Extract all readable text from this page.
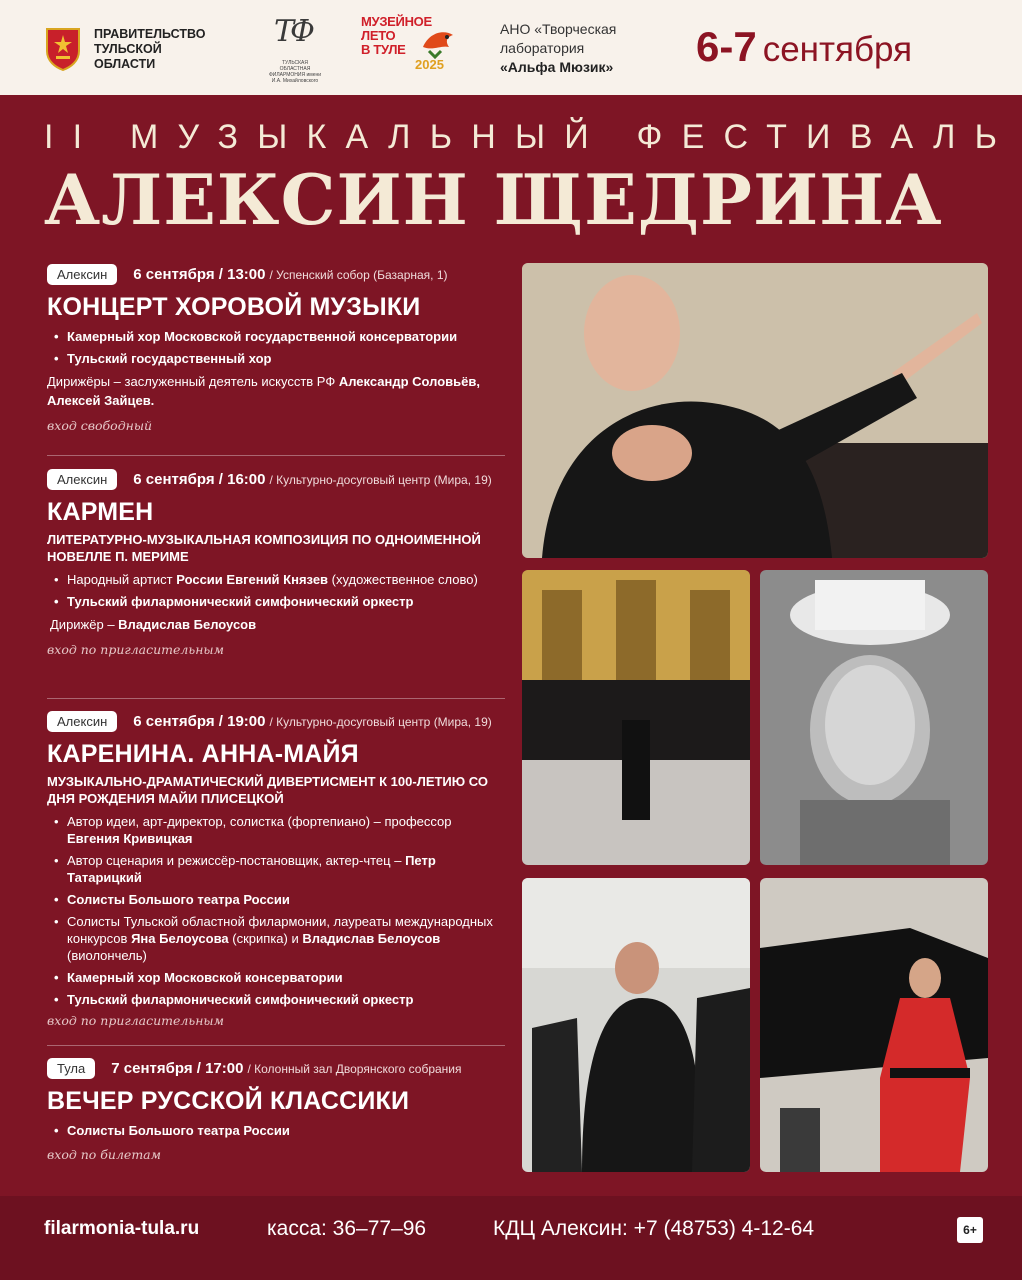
ПРАВИТЕЛЬСТВО
ТУЛЬСКОЙ
ОБЛАСТИ
ТФ
ТУЛЬСКАЯ ОБЛАСТНАЯ ФИЛАРМОНИЯ имени И.А. Михайловского
МУЗЕЙНОЕ
ЛЕТО
В ТУЛЕ
2025
АНО «Творческая
лаборатория
«Альфа Мюзик» 6-7 сентября
II МУЗЫКАЛЬНЫЙ ФЕСТИВАЛЬ
АЛЕКСИН ЩЕДРИНА
Алексин 6 сентября / 13:00 / Успенский собор (Базарная, 1)
КОНЦЕРТ ХОРОВОЙ МУЗЫКИ
• Камерный хор Московской государственной консерватории
• Тульский государственный хор
Дирижёры – заслуженный деятель искусств РФ Александр Соловьёв, Алексей Зайцев.
вход свободный
Алексин 6 сентября / 16:00 / Культурно-досуговый центр (Мира, 19)
КАРМЕН
ЛИТЕРАТУРНО-МУЗЫКАЛЬНАЯ КОМПОЗИЦИЯ ПО ОДНОИМЕННОЙ НОВЕЛЛЕ П. МЕРИМЕ
• Народный артист России Евгений Князев (художественное слово)
• Тульский филармонический симфонический оркестр
Дирижёр – Владислав Белоусов
вход по пригласительным
Алексин 6 сентября / 19:00 / Культурно-досуговый центр (Мира, 19)
КАРЕНИНА. АННА-МАЙЯ
МУЗЫКАЛЬНО-ДРАМАТИЧЕСКИЙ ДИВЕРТИСМЕНТ К 100-ЛЕТИЮ СО ДНЯ РОЖДЕНИЯ МАЙИ ПЛИСЕЦКОЙ
• Автор идеи, арт-директор, солистка (фортепиано) – профессор Евгения Кривицкая
• Автор сценария и режиссёр-постановщик, актер-чтец – Петр Татарицкий
• Солисты Большого театра России
• Солисты Тульской областной филармонии, лауреаты международных конкурсов Яна Белоусова (скрипка) и Владислав Белоусов (виолончель)
• Камерный хор Московской консерватории
• Тульский филармонический симфонический оркестр
вход по пригласительным
Тула 7 сентября / 17:00 / Колонный зал Дворянского собрания
ВЕЧЕР РУССКОЙ КЛАССИКИ
• Солисты Большого театра России
вход по билетам
filarmonia-tula.ru	касса: 36–77–96	КДЦ Алексин: +7 (48753) 4-12-64	6+
